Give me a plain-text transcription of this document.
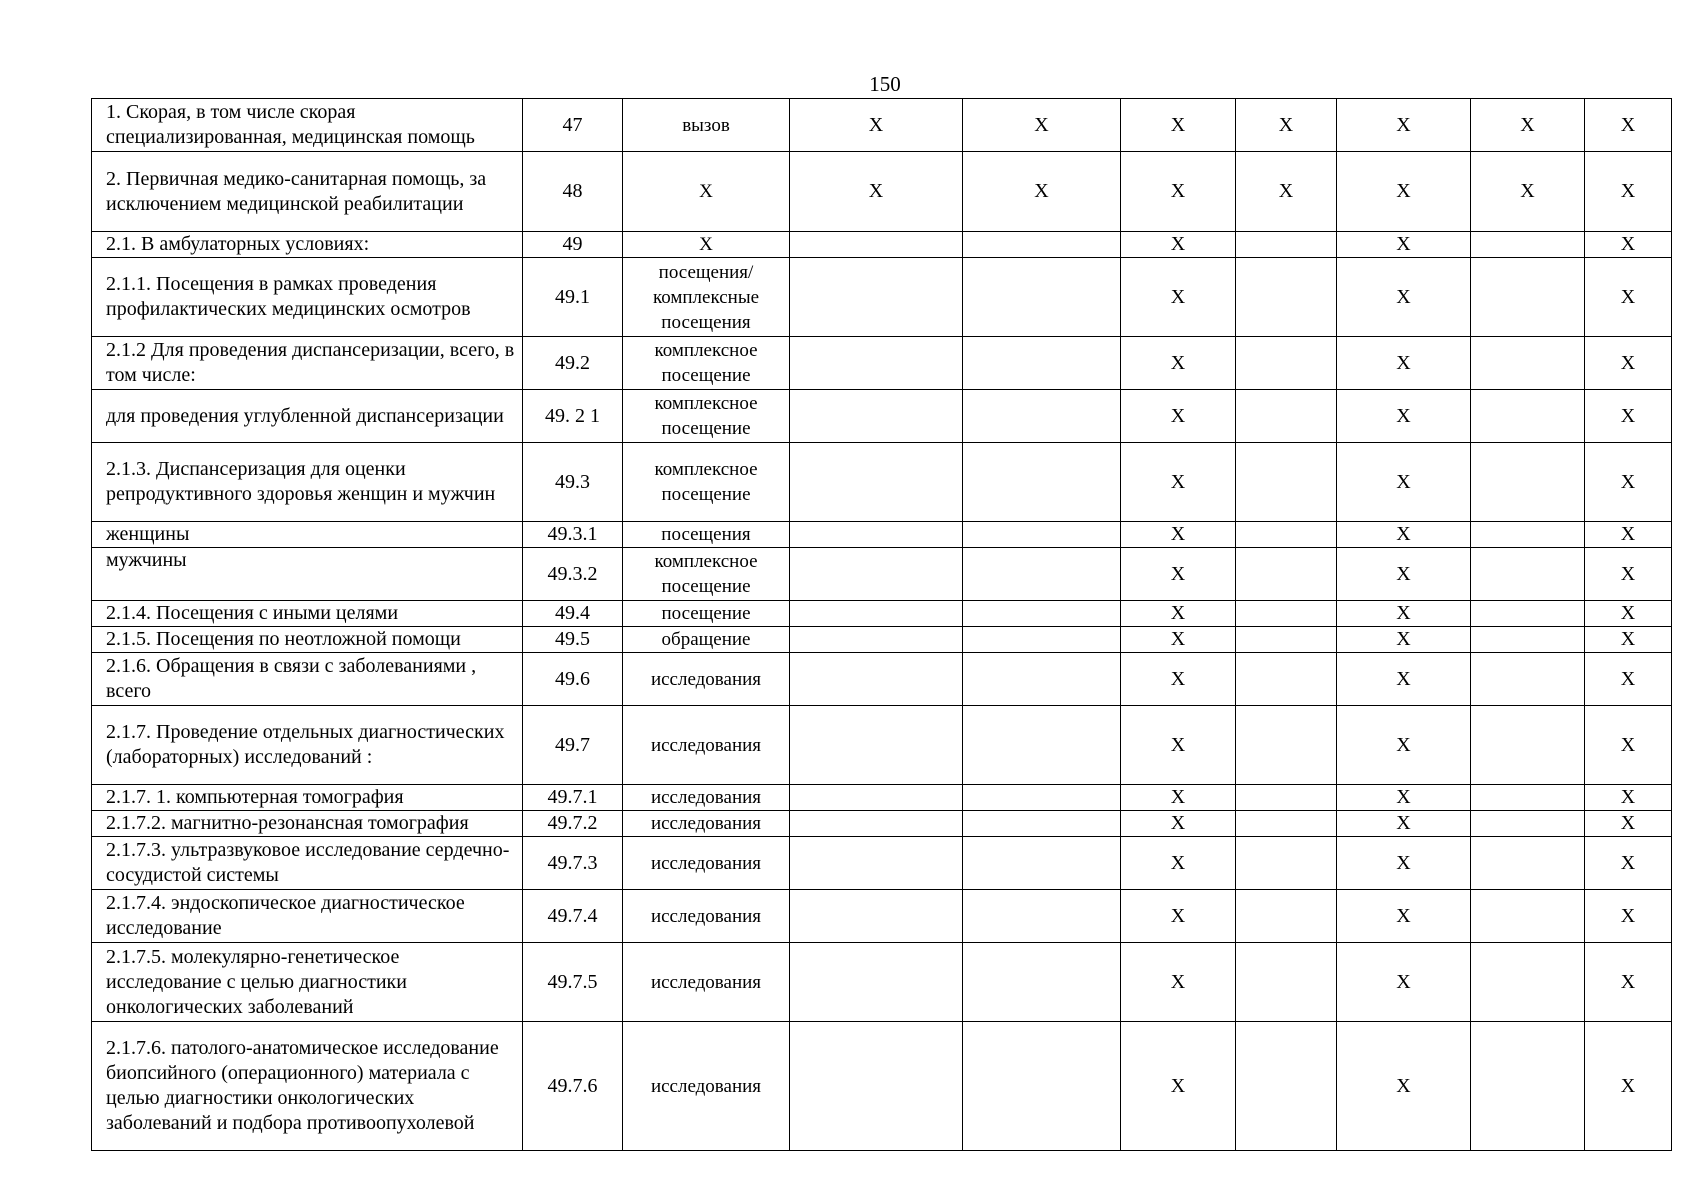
150
1. Скорая, в том числе скорая специализированная, медицинская помощь	47	вызов	X	X	X	X	X	X	X
2. Первичная медико-санитарная помощь, за исключением медицинской реабилитации	48	X	X	X	X	X	X	X	X
2.1. В амбулаторных условиях:	49	X			X		X		X
2.1.1. Посещения в рамках проведения профилактических медицинских осмотров	49.1	посещения/ комплексные посещения			X		X		X
2.1.2 Для проведения диспансеризации, всего, в том числе:	49.2	комплексное посещение			X		X		X
для проведения углубленной диспансеризации	49. 2 1	комплексное посещение			X		X		X
2.1.3. Диспансеризация для оценки репродуктивного здоровья женщин и мужчин	49.3	комплексное посещение			X		X		X
женщины	49.3.1	посещения			X		X		X
мужчины	49.3.2	комплексное посещение			X		X		X
2.1.4. Посещения с иными целями	49.4	посещение			X		X		X
2.1.5. Посещения по неотложной помощи	49.5	обращение			X		X		X
2.1.6. Обращения в связи с заболеваниями , всего	49.6	исследования			X		X		X
2.1.7. Проведение отдельных диагностических (лабораторных) исследований :	49.7	исследования			X		X		X
2.1.7. 1. компьютерная томография	49.7.1	исследования			X		X		X
2.1.7.2. магнитно-резонансная томография	49.7.2	исследования			X		X		X
2.1.7.3. ультразвуковое исследование сердечно-сосудистой системы	49.7.3	исследования			X		X		X
2.1.7.4. эндоскопическое диагностическое исследование	49.7.4	исследования			X		X		X
2.1.7.5. молекулярно-генетическое исследование с целью диагностики онкологических заболеваний	49.7.5	исследования			X		X		X
2.1.7.6. патолого-анатомическое исследование биопсийного (операционного) материала с целью диагностики онкологических заболеваний и подбора противоопухолевой	49.7.6	исследования			X		X		X
